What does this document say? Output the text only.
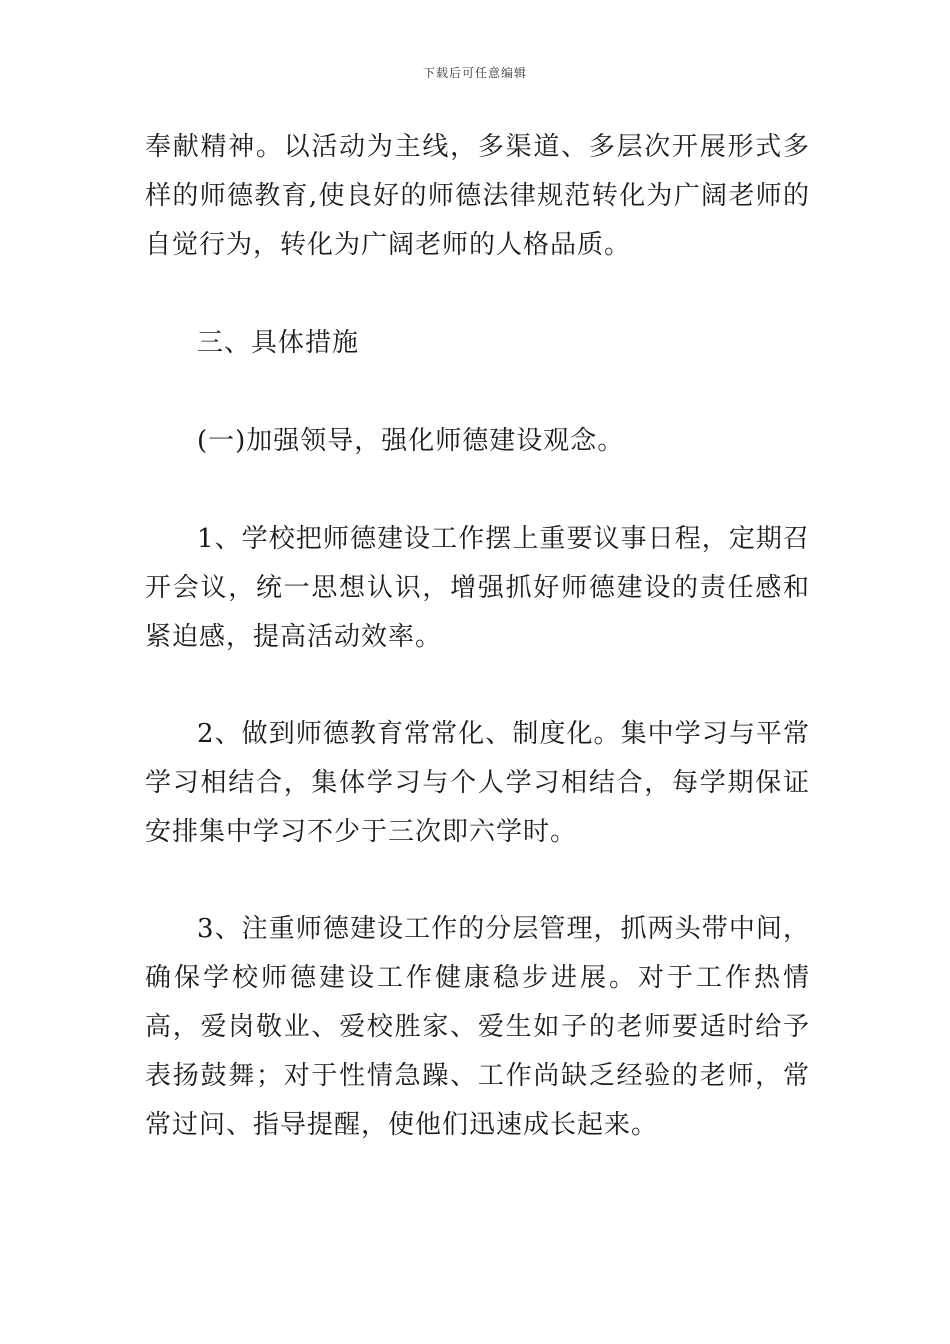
下载后可任意编辑

奉献精神。以活动为主线，多渠道、多层次开展形式多样的师德教育,使良好的师德法律规范转化为广阔老师的自觉行为，转化为广阔老师的人格品质。

三、具体措施

(一)加强领导，强化师德建设观念。

1、学校把师德建设工作摆上重要议事日程，定期召开会议，统一思想认识，增强抓好师德建设的责任感和紧迫感，提高活动效率。

2、做到师德教育常常化、制度化。集中学习与平常学习相结合，集体学习与个人学习相结合，每学期保证安排集中学习不少于三次即六学时。

3、注重师德建设工作的分层管理，抓两头带中间，确保学校师德建设工作健康稳步进展。对于工作热情高，爱岗敬业、爱校胜家、爱生如子的老师要适时给予表扬鼓舞；对于性情急躁、工作尚缺乏经验的老师，常常过问、指导提醒，使他们迅速成长起来。
